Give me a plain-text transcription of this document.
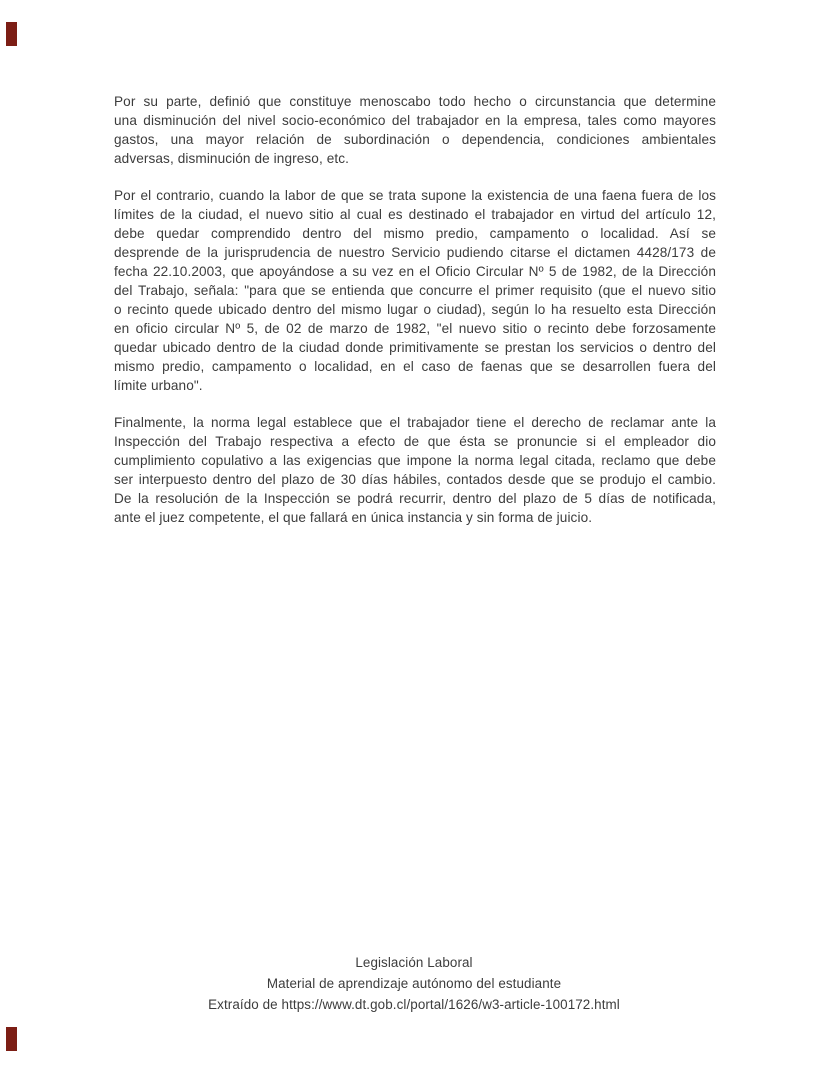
Por su parte, definió que constituye menoscabo todo hecho o circunstancia que determine
una disminución del nivel socio-económico del trabajador en la empresa, tales como mayores
gastos, una mayor relación de subordinación o dependencia, condiciones ambientales
adversas, disminución de ingreso, etc.
Por el contrario, cuando la labor de que se trata supone la existencia de una faena fuera de los
límites de la ciudad, el nuevo sitio al cual es destinado el trabajador en virtud del artículo 12,
debe quedar comprendido dentro del mismo predio, campamento o localidad. Así se
desprende de la jurisprudencia de nuestro Servicio pudiendo citarse el dictamen 4428/173 de
fecha 22.10.2003, que apoyándose a su vez en el Oficio Circular Nº 5 de 1982, de la Dirección
del Trabajo, señala: "para que se entienda que concurre el primer requisito (que el nuevo sitio
o recinto quede ubicado dentro del mismo lugar o ciudad), según lo ha resuelto esta Dirección
en oficio circular Nº 5, de 02 de marzo de 1982, "el nuevo sitio o recinto debe forzosamente
quedar ubicado dentro de la ciudad donde primitivamente se prestan los servicios o dentro del
mismo predio, campamento o localidad, en el caso de faenas que se desarrollen fuera del
límite urbano".
Finalmente, la norma legal establece que el trabajador tiene el derecho de reclamar ante la
Inspección del Trabajo respectiva a efecto de que ésta se pronuncie si el empleador dio
cumplimiento copulativo a las exigencias que impone la norma legal citada, reclamo que debe
ser interpuesto dentro del plazo de 30 días hábiles, contados desde que se produjo el cambio.
De la resolución de la Inspección se podrá recurrir, dentro del plazo de 5 días de notificada,
ante el juez competente, el que fallará en única instancia y sin forma de juicio.
Legislación Laboral
Material de aprendizaje autónomo del estudiante
Extraído de https://www.dt.gob.cl/portal/1626/w3-article-100172.html
